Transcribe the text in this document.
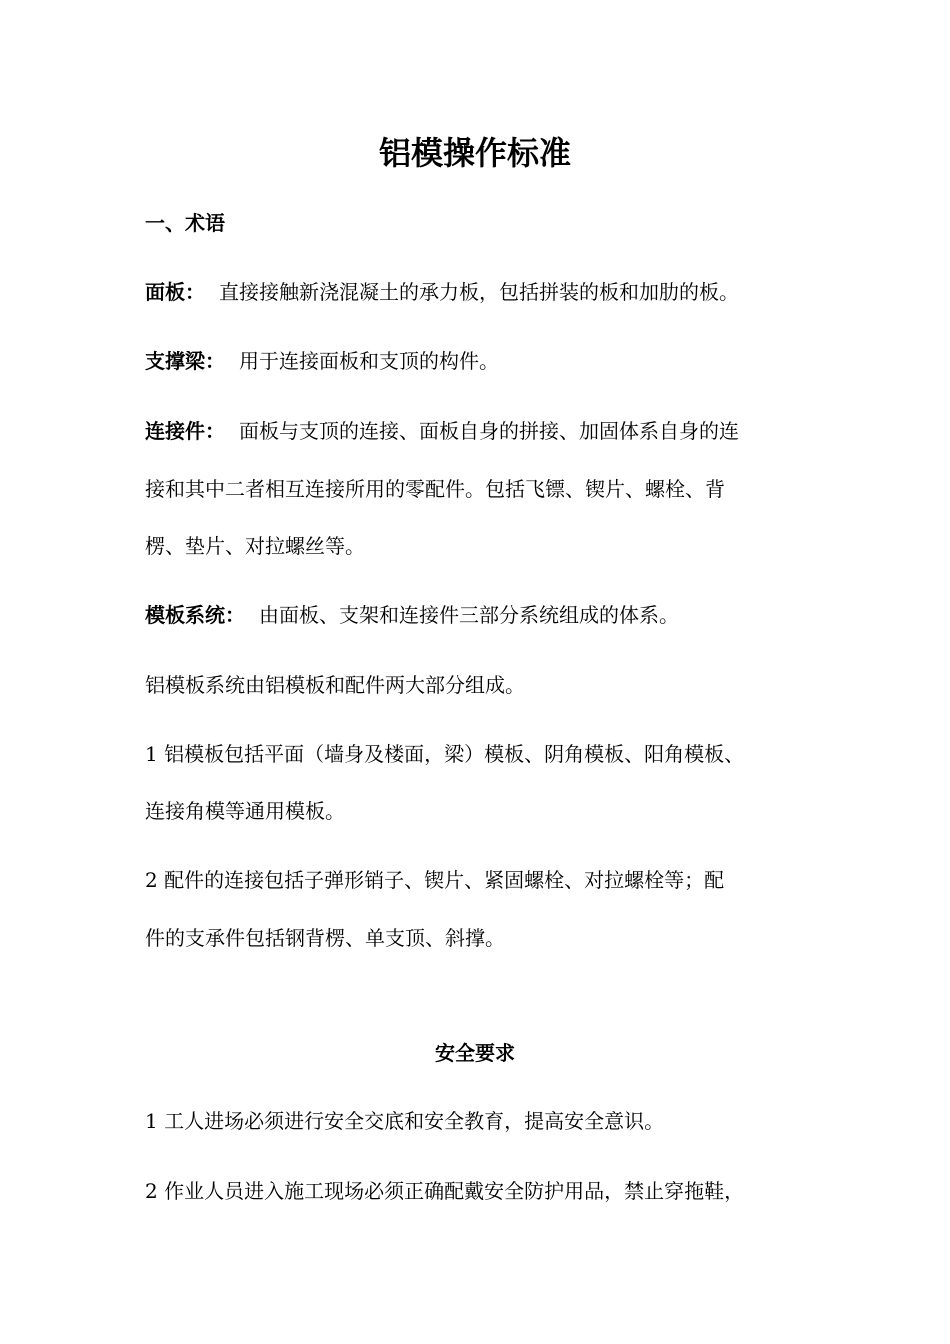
铝模操作标准
一、术语
面板： 直接接触新浇混凝土的承力板，包括拼装的板和加肋的板。
支撑梁： 用于连接面板和支顶的构件。
连接件： 面板与支顶的连接、面板自身的拼接、加固体系自身的连
接和其中二者相互连接所用的零配件。包括飞镖、锲片、螺栓、背
楞、垫片、对拉螺丝等。
模板系统： 由面板、支架和连接件三部分系统组成的体系。
铝模板系统由铝模板和配件两大部分组成。
1 铝模板包括平面（墙身及楼面，梁）模板、阴角模板、阳角模板、
连接角模等通用模板。
2 配件的连接包括子弹形销子、锲片、紧固螺栓、对拉螺栓等；配
件的支承件包括钢背楞、单支顶、斜撑。
安全要求
1 工人进场必须进行安全交底和安全教育，提高安全意识。
2 作业人员进入施工现场必须正确配戴安全防护用品，禁止穿拖鞋，
